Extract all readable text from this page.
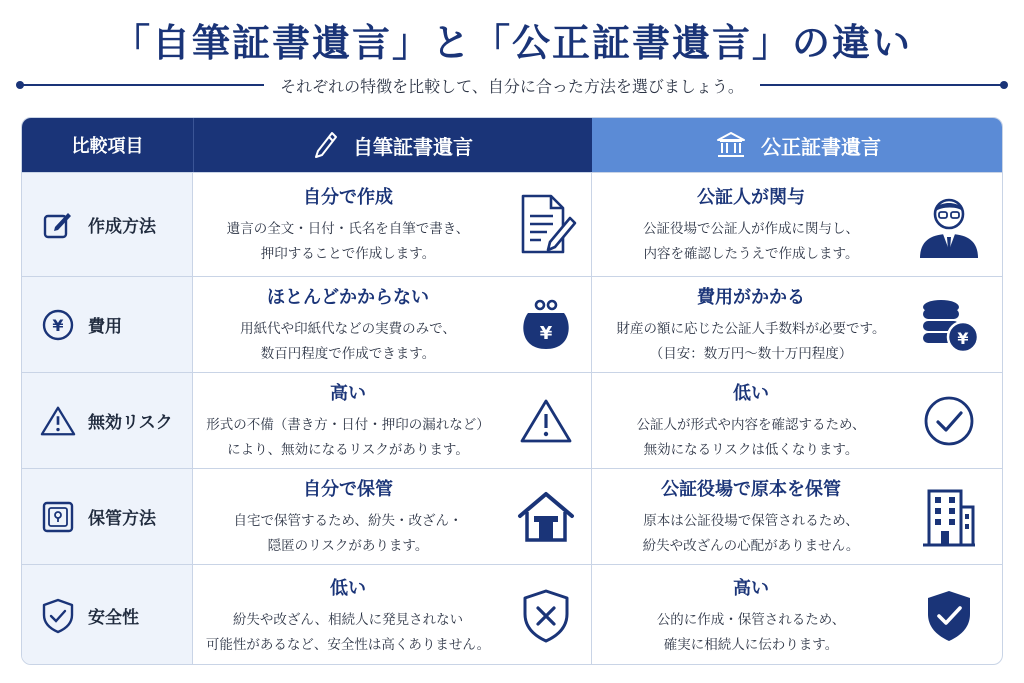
「自筆証書遺言」と「公正証書遺言」の違い
それぞれの特徴を比較して、自分に合った方法を選びましょう。
比較項目	自筆証書遺言	公正証書遺言
作成方法
自分で作成
遺言の全文・日付・氏名を自筆で書き、
押印することで作成します。
公証人が関与
公証役場で公証人が作成に関与し、
内容を確認したうえで作成します。
¥ 費用
ほとんどかからない
用紙代や印紙代などの実費のみで、
数百円程度で作成できます。
¥
費用がかかる
財産の額に応じた公証人手数料が必要です。
（目安：数万円〜数十万円程度）
¥
無効リスク
高い
形式の不備（書き方・日付・押印の漏れなど）
により、無効になるリスクがあります。
低い
公証人が形式や内容を確認するため、
無効になるリスクは低くなります。
保管方法
自分で保管
自宅で保管するため、紛失・改ざん・
隠匿のリスクがあります。
公証役場で原本を保管
原本は公証役場で保管されるため、
紛失や改ざんの心配がありません。
安全性
低い
紛失や改ざん、相続人に発見されない
可能性があるなど、安全性は高くありません。
高い
公的に作成・保管されるため、
確実に相続人に伝わります。
